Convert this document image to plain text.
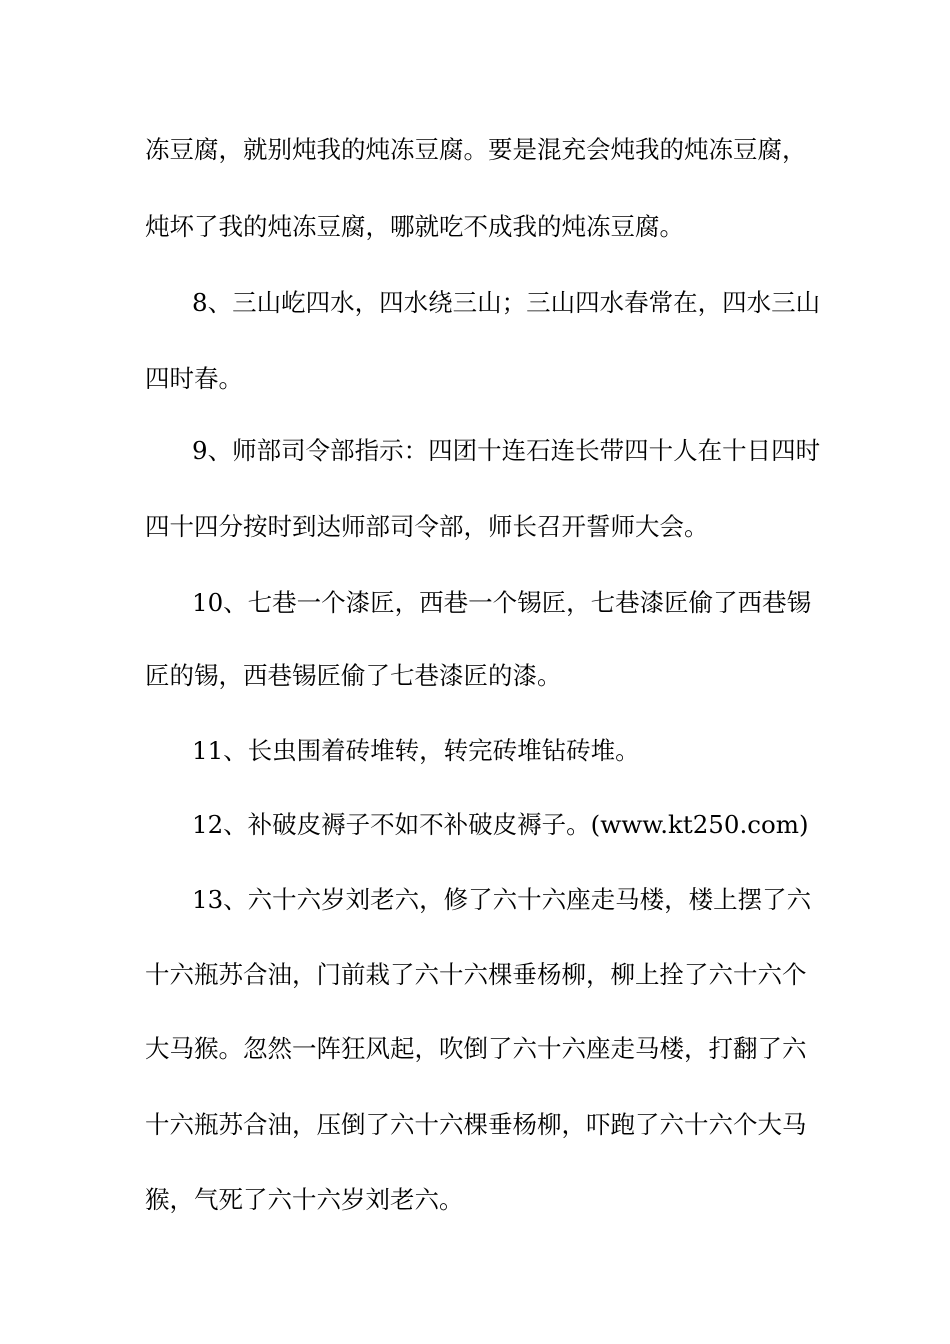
冻豆腐，就别炖我的炖冻豆腐。要是混充会炖我的炖冻豆腐，
炖坏了我的炖冻豆腐，哪就吃不成我的炖冻豆腐。
8、三山屹四水，四水绕三山；三山四水春常在，四水三山
四时春。
9、师部司令部指示：四团十连石连长带四十人在十日四时
四十四分按时到达师部司令部，师长召开誓师大会。
10、七巷一个漆匠，西巷一个锡匠，七巷漆匠偷了西巷锡
匠的锡，西巷锡匠偷了七巷漆匠的漆。
11、长虫围着砖堆转，转完砖堆钻砖堆。
12、补破皮褥子不如不补破皮褥子。(www.kt250.com)
13、六十六岁刘老六，修了六十六座走马楼，楼上摆了六
十六瓶苏合油，门前栽了六十六棵垂杨柳，柳上拴了六十六个
大马猴。忽然一阵狂风起，吹倒了六十六座走马楼，打翻了六
十六瓶苏合油，压倒了六十六棵垂杨柳，吓跑了六十六个大马
猴，气死了六十六岁刘老六。
